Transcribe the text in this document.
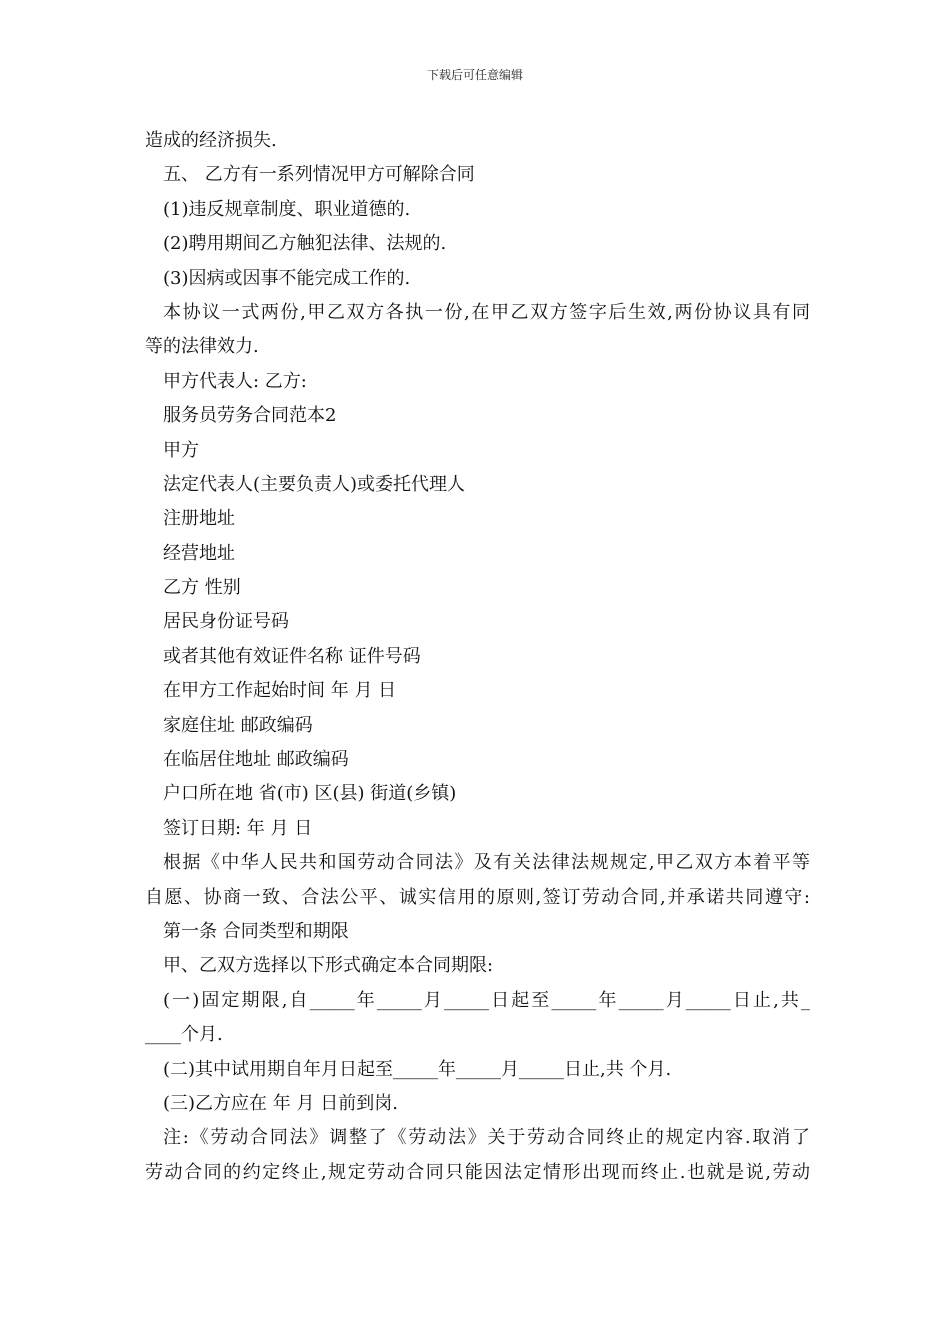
下载后可任意编辑
造成的经济损失.
五、 乙方有一系列情况甲方可解除合同
(1)违反规章制度、职业道德的.
(2)聘用期间乙方触犯法律、法规的.
(3)因病或因事不能完成工作的.
本协议一式两份,甲乙双方各执一份,在甲乙双方签字后生效,两份协议具有同
等的法律效力.
甲方代表人: 乙方:
服务员劳务合同范本2
甲方
法定代表人(主要负责人)或委托代理人
注册地址
经营地址
乙方 性别
居民身份证号码
或者其他有效证件名称 证件号码
在甲方工作起始时间 年 月 日
家庭住址 邮政编码
在临居住地址 邮政编码
户口所在地 省(市) 区(县) 街道(乡镇)
签订日期: 年 月 日
根据《中华人民共和国劳动合同法》及有关法律法规规定,甲乙双方本着平等
自愿、协商一致、合法公平、诚实信用的原则,签订劳动合同,并承诺共同遵守:
第一条 合同类型和期限
甲、乙双方选择以下形式确定本合同期限:
(一)固定期限,自_____年_____月_____日起至_____年_____月_____日止,共_
____个月.
(二)其中试用期自年月日起至_____年_____月_____日止,共 个月.
(三)乙方应在 年 月 日前到岗.
注:《劳动合同法》调整了《劳动法》关于劳动合同终止的规定内容.取消了
劳动合同的约定终止,规定劳动合同只能因法定情形出现而终止.也就是说,劳动
